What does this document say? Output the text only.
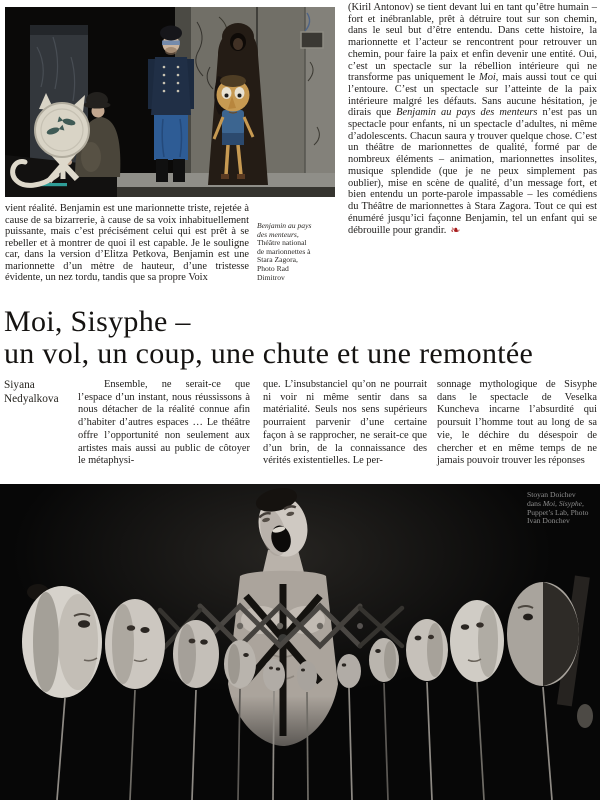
(Kiril Antonov) se tient devant lui en tant qu’être humain – fort et inébranlable, prêt à détruire tout sur son chemin, dans le seul but d’être entendu. Dans cette histoire, la marionnette et l’acteur se rencontrent pour retrouver un chemin, pour faire la paix et enfin devenir une entité. Oui, c’est un spectacle sur la rébellion intérieure qui ne transforme pas uniquement le Moi, mais aussi tout ce qui l’entoure. C’est un spectacle sur l’atteinte de la paix intérieure malgré les défauts. Sans aucune hésitation, je dirais que Benjamin au pays des menteurs n’est pas un spectacle pour enfants, ni un spectacle d’adultes, ni même d’adolescents. Chacun saura y trouver quelque chose. C’est un théâtre de marionnettes de qualité, formé par de nombreux éléments – animation, marionnettes insolites, musique splendide (que je ne peux simplement pas oublier), mise en scène de qualité, d’un message fort, et bien entendu un porte-parole impassable – les comédiens du Théâtre de marionnettes à Stara Zagora. Tout ce qui est énuméré jusqu’ici façonne Benjamin, tel un enfant qui se débrouille pour grandir. ❧

vient réalité. Benjamin est une marionnette triste, rejetée à cause de sa bizarrerie, à cause de sa voix inhabituellement puissante, mais c’est précisément celui qui est prêt à se rebeller et à montrer de quoi il est capable. Je le souligne car, dans la version d’Elitza Petkova, Benjamin est une marionnette d’un mètre de hauteur, d’une tristesse évidente, un nez tordu, tandis que sa propre Voix

Benjamin au pays des menteurs, Théâtre national de marionnettes à Stara Zagora, Photo Rad Dimitrov

Moi, Sisyphe –
un vol, un coup, une chute et une remontée

Siyana Nedyalkova

Ensemble, ne serait-ce que l’espace d’un instant, nous réussissons à nous détacher de la réalité connue afin d’habiter d’autres espaces … Le théâtre offre l’opportunité non seulement aux artistes mais aussi au public de côtoyer le métaphysi-

que. L’insubstanciel qu’on ne pourrait ni voir ni même sentir dans sa matérialité. Seuls nos sens supérieurs pourraient parvenir d’une certaine façon à se rapprocher, ne serait-ce que d’un brin, de la connaissance des vérités existentielles. Le per-

sonnage mythologique de Sisyphe dans le spectacle de Veselka Kuncheva incarne l’absurdité qui poursuit l’homme tout au long de sa vie, le déchire du désespoir de chercher et en même temps de ne jamais pouvoir trouver les réponses

Stoyan Doichev dans Moi, Sisyphe, Puppet’s Lab, Photo Ivan Donchev
